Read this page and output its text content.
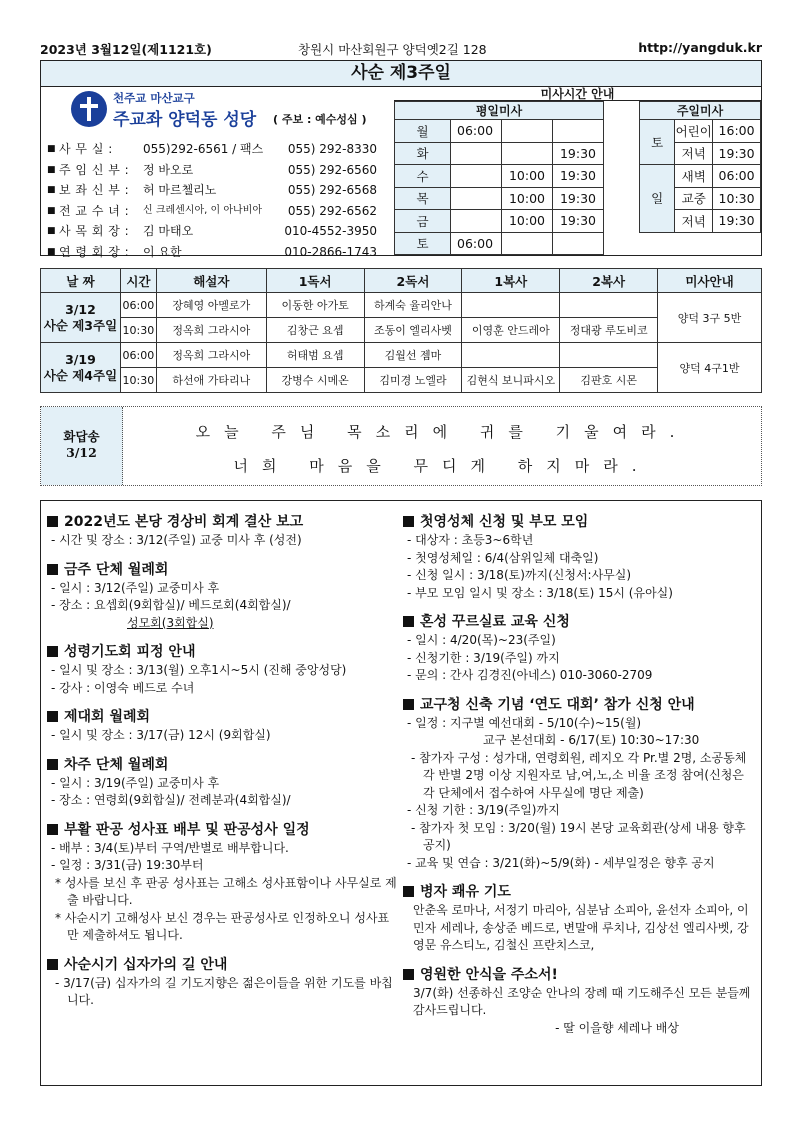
2023년 3월12일(제1121호)	창원시 마산회원구 양덕옛2길 128	http://yangduk.kr
사순 제3주일
천주교 마산교구
주교좌 양덕동 성당 ( 주보 : 예수성심 )
■ 사 무 실 :	055)292-6561 / 팩스 055) 292-8330
■ 주 임 신 부 :	정 바오로	055) 292-6560
■ 보 좌 신 부 :	허 마르첼리노	055) 292-6568
■ 전 교 수 녀 :	신 크레센시아, 이 아나비아 055) 292-6562
■ 사 목 회 장 :	김 마태오	010-4552-3950
■ 연 령 회 장 :	이 요한	010-2866-1743
미사시간 안내
평일미사			
월	06:00		
화			19:30
수		10:00	19:30
목		10:00	19:30
금		10:00	19:30
토	06:00		
주일미사		
토	어린이	16:00
	저녁	19:30
일	새벽	06:00
	교중	10:30
	저녁	19:30
날 짜	시간	해설자	1독서	2독서	1복사	2복사	미사안내

3/12
사순 제3주일	06:00	장혜영 아멜로가	이동한 아가토	하계숙 율리안나			양덕 3구 5반
	10:30	정옥희 그라시아	김창근 요셉	조동이 엘리사벳	이영훈 안드레아	정대광 루도비코	

3/19
사순 제4주일	06:00	정옥희 그라시아	허태범 요셉	김월선 젬마			양덕 4구1반
	10:30	하선애 가타리나	강병수 시메온	김미경 노엘라	김현식 보니파시오	김판호 시몬	
화답송
3/12
오늘 주님 목소리에 귀를 기울여라.
너희 마음을 무디게 하지마라.
2022년도 본당 경상비 회계 결산 보고
- 시간 및 장소 : 3/12(주일) 교중 미사 후 (성전)
금주 단체 월례회
- 일시 : 3/12(주일) 교중미사 후
- 장소 : 요셉회(9회합실)/ 베드로회(4회합실)/
성모회(3회합실)
성령기도회 피정 안내
- 일시 및 장소 : 3/13(월) 오후1시~5시 (진해 중앙성당)
- 강사 : 이영숙 베드로 수녀
제대회 월례회
- 일시 및 장소 : 3/17(금) 12시 (9회합실)
차주 단체 월례회
- 일시 : 3/19(주일) 교중미사 후
- 장소 : 연령회(9회합실)/ 전례분과(4회합실)/
부활 판공 성사표 배부 및 판공성사 일정
- 배부 : 3/4(토)부터 구역/반별로 배부합니다.
- 일정 : 3/31(금) 19:30부터
* 성사를 보신 후 판공 성사표는 고해소 성사표함이나 사무실로 제출 바랍니다.
* 사순시기 고해성사 보신 경우는 판공성사로 인정하오니 성사표만 제출하셔도 됩니다.
사순시기 십자가의 길 안내
- 3/17(금) 십자가의 길 기도지향은 젊은이들을 위한 기도를 바칩니다.
첫영성체 신청 및 부모 모임
- 대상자 : 초등3~6학년
- 첫영성체일 : 6/4(삼위일체 대축일)
- 신청 일시 : 3/18(토)까지(신청서:사무실)
- 부모 모임 일시 및 장소 : 3/18(토) 15시 (유아실)
혼성 꾸르실료 교육 신청
- 일시 : 4/20(목)~23(주일)
- 신청기한 : 3/19(주일) 까지
- 문의 : 간사 김경진(아네스) 010-3060-2709
교구청 신축 기념 ‘연도 대회’ 참가 신청 안내
- 일정 : 지구별 예선대회 - 5/10(수)~15(월)
교구 본선대회 - 6/17(토) 10:30~17:30
- 참가자 구성 : 성가대, 연령회원, 레지오 각 Pr.별 2명, 소공동체 각 반별 2명 이상 지원자로 남,여,노,소 비율 조정 참여(신청은 각 단체에서 접수하여 사무실에 명단 제출)
- 신청 기한 : 3/19(주일)까지
- 참가자 첫 모임 : 3/20(월) 19시 본당 교육회관(상세 내용 향후 공지)
- 교육 및 연습 : 3/21(화)~5/9(화) - 세부일정은 향후 공지
병자 쾌유 기도
안춘옥 로마나, 서정기 마리아, 심분남 소피아, 윤선자 소피아, 이민자 세레나, 송상준 베드로, 변말애 루치나, 김상선 엘리사벳, 강영문 유스티노, 김철신 프란치스코,
영원한 안식을 주소서!
3/7(화) 선종하신 조양순 안나의 장례 때 기도해주신 모든 분들께 감사드립니다.
- 딸 이을향 세레나 배상
